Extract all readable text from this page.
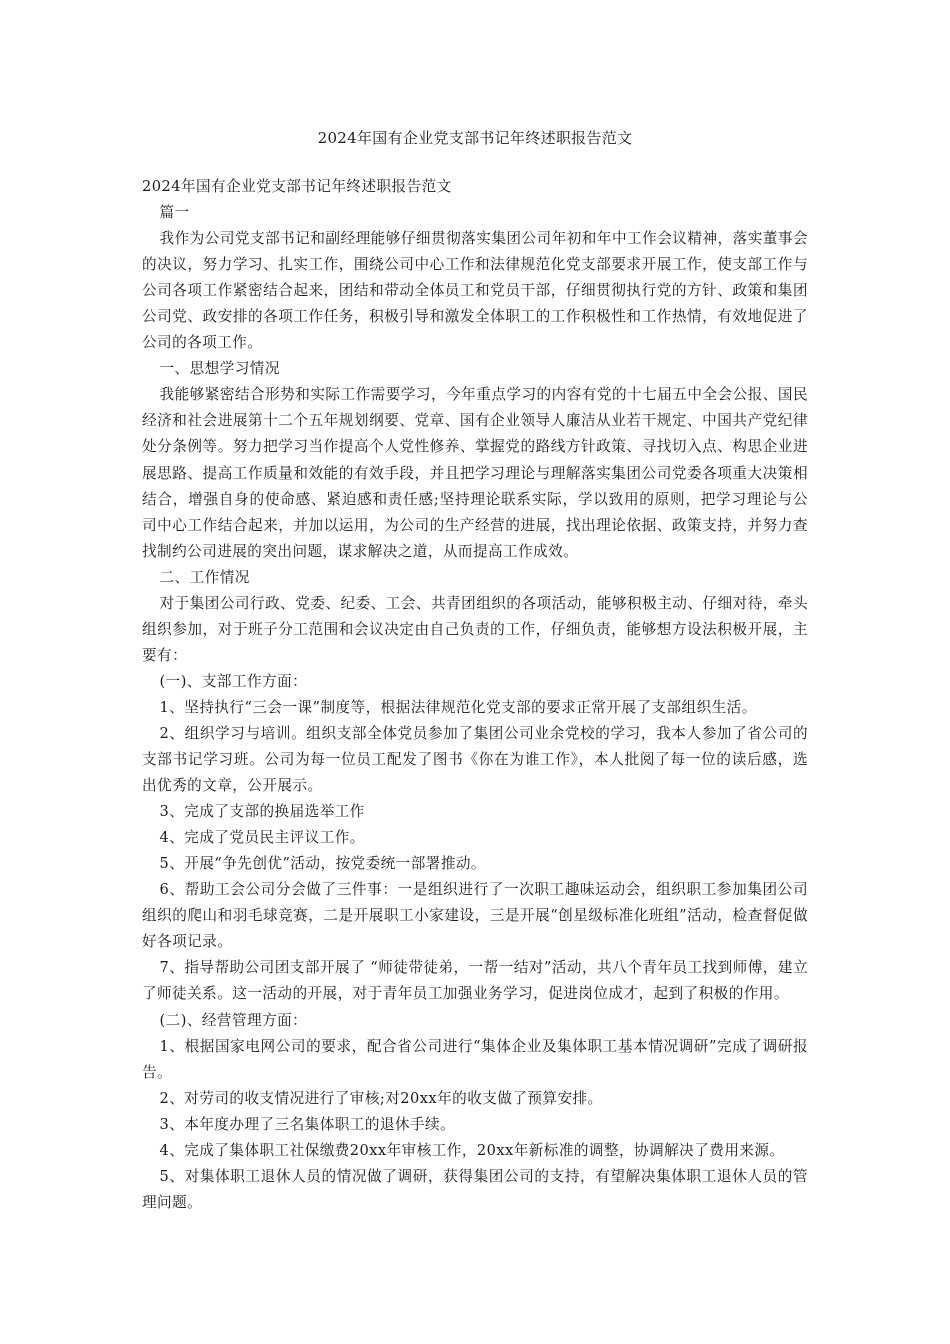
2024年国有企业党支部书记年终述职报告范文

2024年国有企业党支部书记年终述职报告范文

篇一

我作为公司党支部书记和副经理能够仔细贯彻落实集团公司年初和年中工作会议精神，落实董事会的决议，努力学习、扎实工作，围绕公司中心工作和法律规范化党支部要求开展工作，使支部工作与公司各项工作紧密结合起来，团结和带动全体员工和党员干部，仔细贯彻执行党的方针、政策和集团公司党、政安排的各项工作任务，积极引导和激发全体职工的工作积极性和工作热情，有效地促进了公司的各项工作。

一、思想学习情况

我能够紧密结合形势和实际工作需要学习，今年重点学习的内容有党的十七届五中全会公报、国民经济和社会进展第十二个五年规划纲要、党章、国有企业领导人廉洁从业若干规定、中国共产党纪律处分条例等。努力把学习当作提高个人党性修养、掌握党的路线方针政策、寻找切入点、构思企业进展思路、提高工作质量和效能的有效手段，并且把学习理论与理解落实集团公司党委各项重大决策相结合，增强自身的使命感、紧迫感和责任感;坚持理论联系实际，学以致用的原则，把学习理论与公司中心工作结合起来，并加以运用，为公司的生产经营的进展，找出理论依据、政策支持，并努力查找制约公司进展的突出问题，谋求解决之道，从而提高工作成效。

二、工作情况

对于集团公司行政、党委、纪委、工会、共青团组织的各项活动，能够积极主动、仔细对待，牵头组织参加，对于班子分工范围和会议决定由自己负责的工作，仔细负责，能够想方设法积极开展，主要有：

(一)、支部工作方面：

1、坚持执行“三会一课”制度等，根据法律规范化党支部的要求正常开展了支部组织生活。

2、组织学习与培训。组织支部全体党员参加了集团公司业余党校的学习，我本人参加了省公司的支部书记学习班。公司为每一位员工配发了图书《你在为谁工作》，本人批阅了每一位的读后感，选出优秀的文章，公开展示。

3、完成了支部的换届选举工作

4、完成了党员民主评议工作。

5、开展“争先创优”活动，按党委统一部署推动。

6、帮助工会公司分会做了三件事：一是组织进行了一次职工趣味运动会，组织职工参加集团公司组织的爬山和羽毛球竞赛，二是开展职工小家建设，三是开展“创星级标准化班组”活动，检查督促做好各项记录。

7、指导帮助公司团支部开展了 “师徒带徒弟，一帮一结对”活动，共八个青年员工找到师傅，建立了师徒关系。这一活动的开展，对于青年员工加强业务学习，促进岗位成才，起到了积极的作用。

(二)、经营管理方面：

1、根据国家电网公司的要求，配合省公司进行“集体企业及集体职工基本情况调研”完成了调研报告。

2、对劳司的收支情况进行了审核;对20xx年的收支做了预算安排。

3、本年度办理了三名集体职工的退休手续。

4、完成了集体职工社保缴费20xx年审核工作，20xx年新标准的调整，协调解决了费用来源。

5、对集体职工退休人员的情况做了调研，获得集团公司的支持，有望解决集体职工退休人员的管理问题。
